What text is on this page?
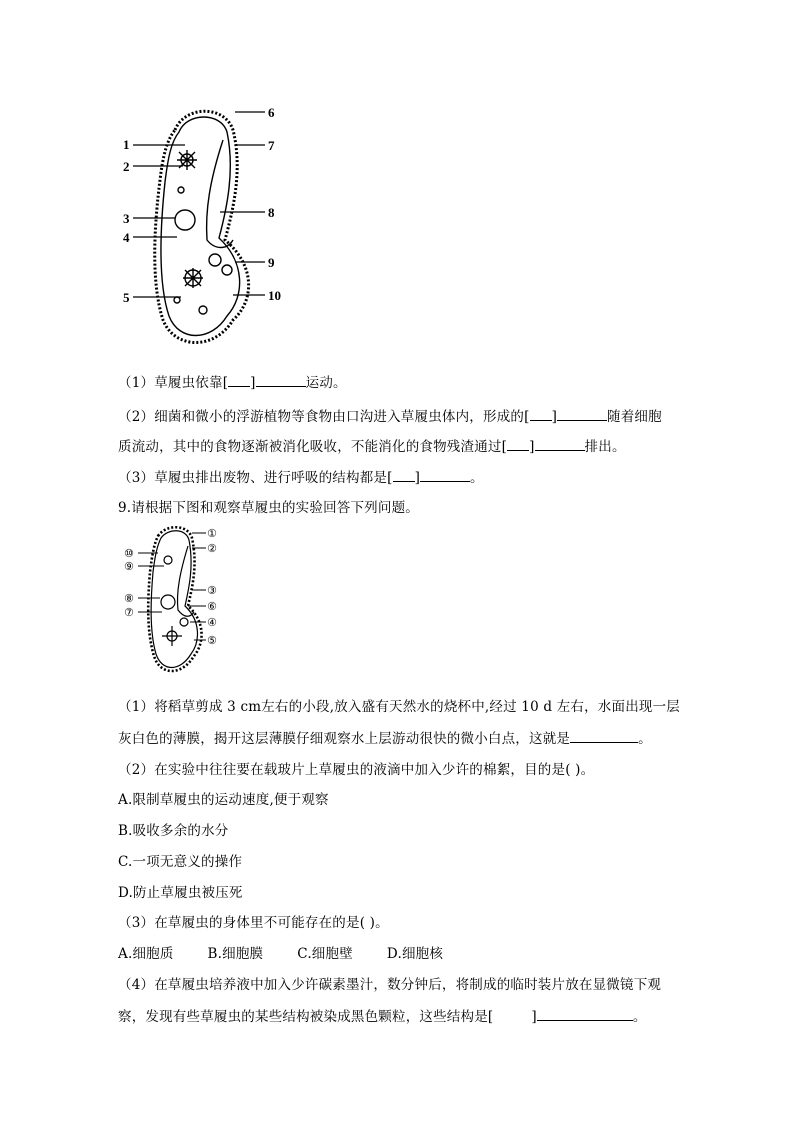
1
2
3
4
5
6
7
8
9
10
（1）草履虫依靠[ ]	运动。
（2）细菌和微小的浮游植物等食物由口沟进入草履虫体内，形成的[ ]	随着细胞
质流动，其中的食物逐渐被消化吸收，不能消化的食物残渣通过[ ]	排出。
（3）草履虫排出废物、进行呼吸的结构都是[ ]	。
9.请根据下图和观察草履虫的实验回答下列问题。
①
②
③
④
⑤
⑥
⑦
⑧
⑨
⑩
（1）将稻草剪成 3 cm左右的小段,放入盛有天然水的烧杯中,经过 10 d 左右，水面出现一层
灰白色的薄膜，揭开这层薄膜仔细观察水上层游动很快的微小白点，这就是	。
（2）在实验中往往要在载玻片上草履虫的液滴中加入少许的棉絮，目的是( )。
A.限制草履虫的运动速度,便于观察
B.吸收多余的水分
C.一项无意义的操作
D.防止草履虫被压死
（3）在草履虫的身体里不可能存在的是( )。
A.细胞质	B.细胞膜	C.细胞壁	D.细胞核
（4）在草履虫培养液中加入少许碳素墨汁，数分钟后，将制成的临时装片放在显微镜下观
察，发现有些草履虫的某些结构被染成黑色颗粒，这些结构是[	]	。
